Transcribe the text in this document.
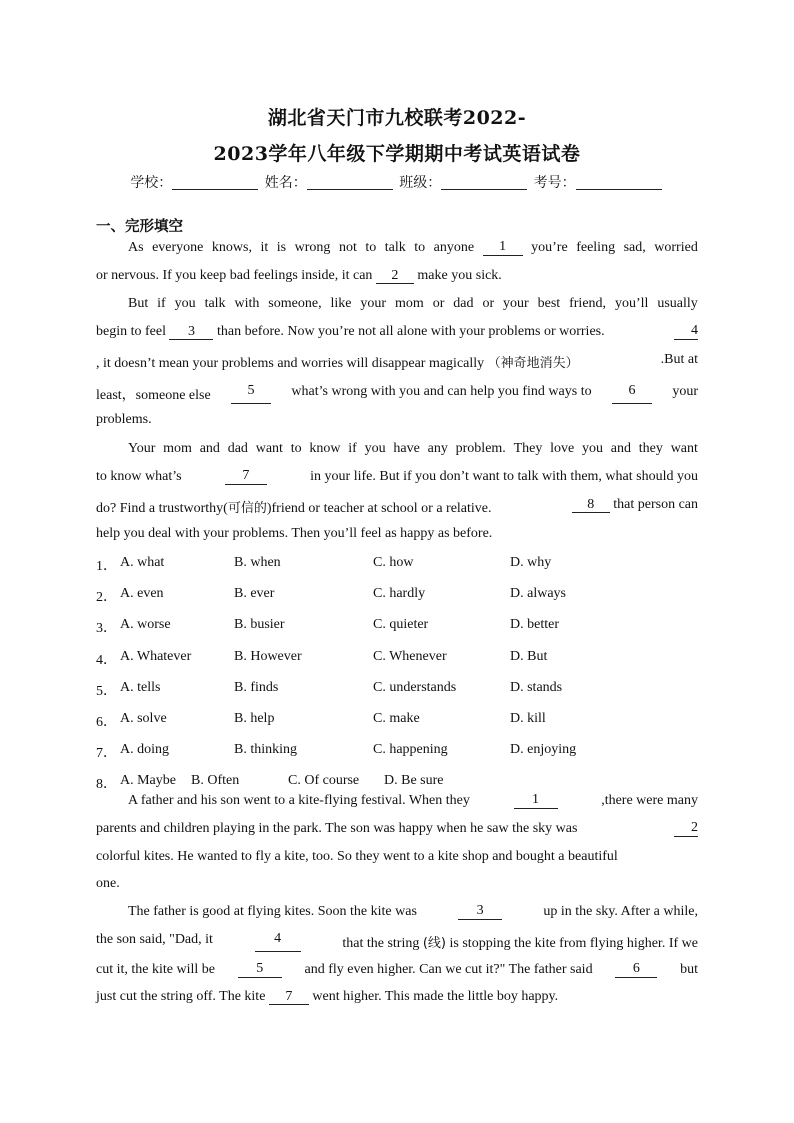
湖北省天门市九校联考2022-
2023学年八年级下学期期中考试英语试卷
学校：	姓名：	班级：	考号：
一、完形填空
As everyone knows, it is wrong not to talk to anyone	1	you’re feeling sad, worried
or nervous. If you keep bad feelings inside, it can 2 make you sick.
But if you talk with someone, like your mom or dad or your best friend, you’ll usually
begin to feel 3 than before. Now you’re not all alone with your problems or worries.	4
, it doesn’t mean your problems and worries will disappear magically （神奇地消失）	.But at
least，someone else	5	what’s wrong with you and can help you find ways to	6	your
problems.
Your mom and dad want to know if you have any problem. They love you and they want
to know what’s	7	in your life. But if you don’t want to talk with them, what should you
do? Find a trustworthy(可信的)friend or teacher at school or a relative.	8 that person can
help you deal with your problems. Then you’ll feel as happy as before.
1． A. what	B. when	C. how	D. why
2． A. even	B. ever	C. hardly	D. always
3． A. worse	B. busier	C. quieter	D. better
4． A. Whatever	B. However	C. Whenever	D. But
5． A. tells	B. finds	C. understands	D. stands
6． A. solve	B. help	C. make	D. kill
7． A. doing	B. thinking	C. happening	D. enjoying
8． A. Maybe B. Often	C. Of course D. Be sure
A father and his son went to a kite-flying festival. When they	1	,there were many
parents and children playing in the park. The son was happy when he saw the sky was	2
colorful kites. He wanted to fly a kite, too. So they went to a kite shop and bought a beautiful
one.
The father is good at flying kites. Soon the kite was	3	up in the sky. After a while,
the son said, "Dad, it	4	that the string (线) is stopping the kite from flying higher. If we
cut it, the kite will be	5	and fly even higher. Can we cut it?" The father said	6	but
just cut the string off. The kite 7 went higher. This made the little boy happy.
